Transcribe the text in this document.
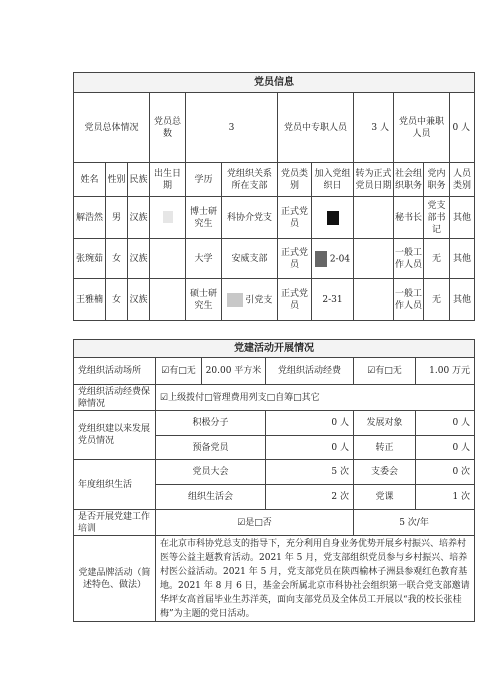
党员信息											
党员总体情况			党员总数	3		党员中专职人员		3 人	党员中兼职人员		0 人
姓名	性别	民族	出生日期	学历	党组织关系所在支部	党员类别	加入党组织日	转为正式党员日期	社会组织职务	党内职务	人员类别
解浩然	男	汉族		博士研究生	科协介党支	正式党员			秘书长	党支部书记	其他
张琬茹	女	汉族		大学	安威支部	正式党员	2-04		一般工作人员	无	其他
王雅楠	女	汉族		硕士研究生	引党支	正式党员	2-31		一般工作人员	无	其他
党建活动开展情况					
党组织活动场所	☑有□无	20.00 平方米	党组织活动经费	☑有□无	1.00 万元
党组织活动经费保障情况	☑上级拨付□管理费用列支□自筹□其它				
党组织建以来发展党员情况	积极分子		0 人	发展对象	0 人
	预备党员		0 人	转正	0 人
年度组织生活	党员大会		5 次	支委会	0 次
	组织生活会		2 次	党课	1 次
是否开展党建工作培训	☑是□否			5 次/年	
党建品牌活动（简述特色、做法）	在北京市科协党总支的指导下，充分利用自身业务优势开展乡村振兴、培养村医等公益主题教育活动。2021 年 5 月，党支部组织党员参与乡村振兴、培养村医公益活动。2021 年 5 月，党支部党员在陕西榆林子洲县参观红色教育基地。2021 年 8 月 6 日，基金会所属北京市科协社会组织第一联合党支部邀请华坪女高首届毕业生苏洋英，面向支部党员及全体员工开展以“我的校长张桂梅”为主题的党日活动。				
